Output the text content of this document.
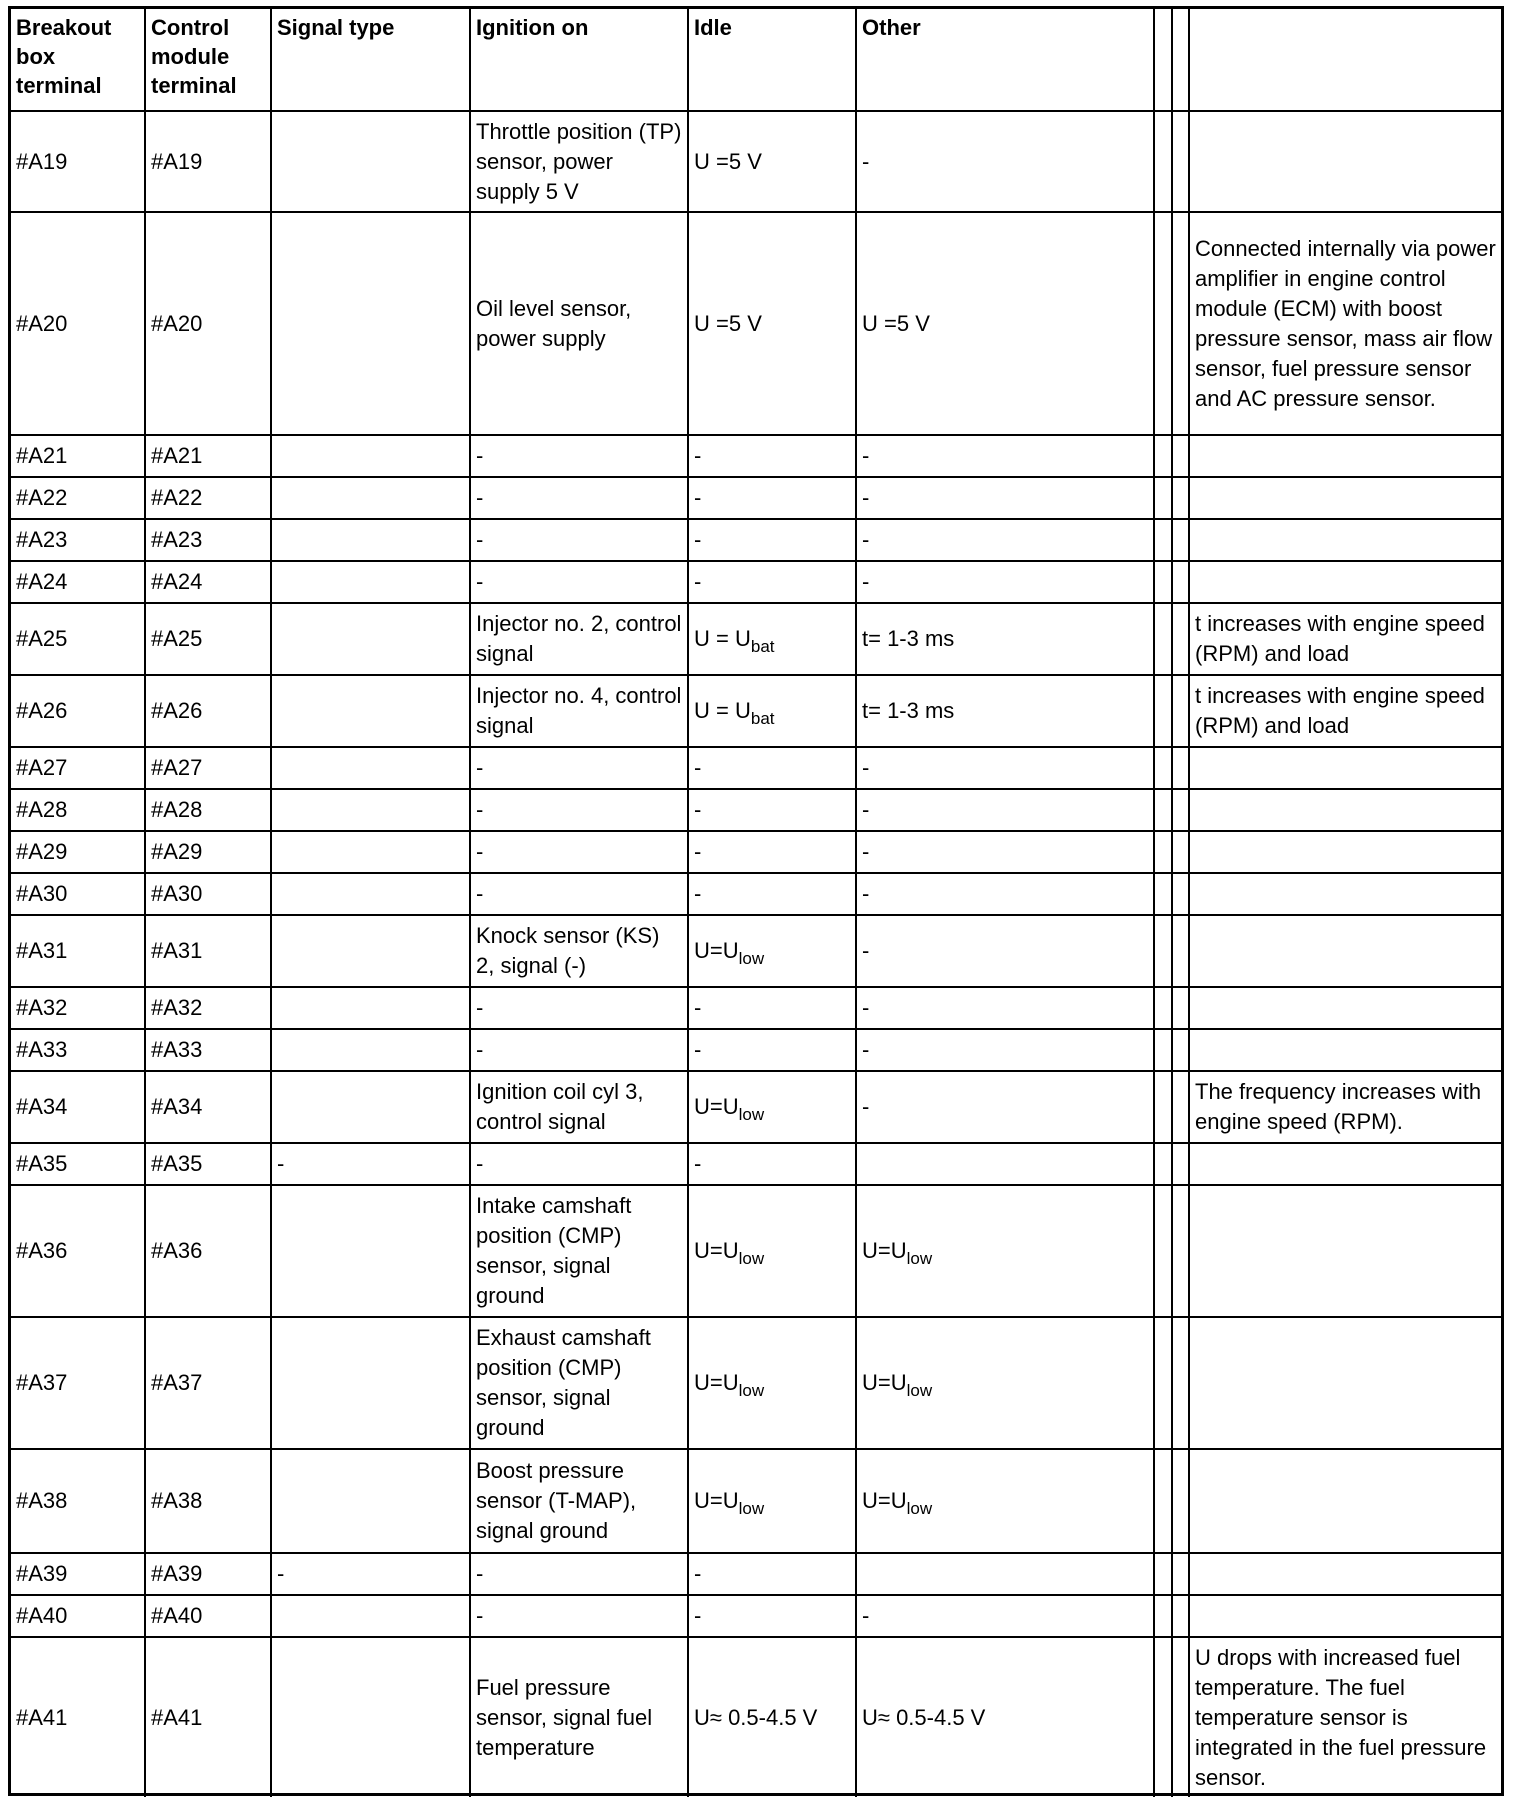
Breakout box terminal	Control module terminal	Signal type	Ignition on	Idle	Other			
#A19	#A19		Throttle position (TP) sensor, power supply 5 V	U =5 V	-			
#A20	#A20		Oil level sensor, power supply	U =5 V	U =5 V			Connected internally via power amplifier in engine control module (ECM) with boost pressure sensor, mass air flow sensor, fuel pressure sensor and AC pressure sensor.
#A21	#A21		-	-	-			
#A22	#A22		-	-	-			
#A23	#A23		-	-	-			
#A24	#A24		-	-	-			
#A25	#A25		Injector no. 2, control signal	$U = U_{bat}$	t= 1-3 ms			t increases with engine speed (RPM) and load
#A26	#A26		Injector no. 4, control signal	$U = U_{bat}$	t= 1-3 ms			t increases with engine speed (RPM) and load
#A27	#A27		-	-	-			
#A28	#A28		-	-	-			
#A29	#A29		-	-	-			
#A30	#A30		-	-	-			
#A31	#A31		Knock sensor (KS) 2, signal (-)	$U=U_{low}$	-			
#A32	#A32		-	-	-			
#A33	#A33		-	-	-			
#A34	#A34		Ignition coil cyl 3, control signal	$U=U_{low}$	-			The frequency increases with engine speed (RPM).
#A35	#A35	-	-	-				
#A36	#A36		Intake camshaft position (CMP) sensor, signal ground	$U=U_{low}$	$U=U_{low}$			
#A37	#A37		Exhaust camshaft position (CMP) sensor, signal ground	$U=U_{low}$	$U=U_{low}$			
#A38	#A38		Boost pressure sensor (T-MAP), signal ground	$U=U_{low}$	$U=U_{low}$			
#A39	#A39	-	-	-				
#A40	#A40		-	-	-			
#A41	#A41		Fuel pressure sensor, signal fuel temperature	U≈ 0.5-4.5 V	U≈ 0.5-4.5 V			U drops with increased fuel temperature. The fuel temperature sensor is integrated in the fuel pressure sensor.
